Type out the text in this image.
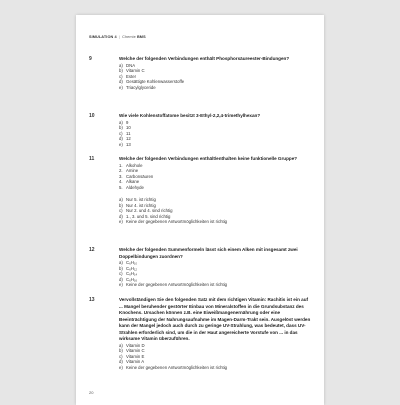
SIMULATION 4 | Chemie BMS
9	Welche der folgenden Verbindungen enthält Phosphorsäureester-Bindungen?

a) DNA
b) Vitamin C
c) Ester
d) Gesättigte Kohlenwasserstoffe
e) Triacylglyceride
10	Wie viele Kohlenstoffatome besitzt 3-Ethyl-2,2,4-trimethylhexan?

a) 9
b) 10
c) 11
d) 12
e) 13
11	Welche der folgenden Verbindungen enthält/enthalten keine funktionelle Gruppe?

1. Alkohole
2. Amine
3. Carbonsäuren
4. Alkane
5. Aldehyde
a) Nur 5. ist richtig
b) Nur 4. ist richtig
c) Nur 2. und 4. sind richtig
d) 1., 3. und 5. sind richtig
e) Keine der gegebenen Antwortmöglichkeiten ist richtig
12	Welche der folgenden Summenformeln lässt sich einem Alken mit insgesamt zwei Doppelbindungen zuordnen?

a) C₆H₁₀
b) C₆H₁₂
c) C₆H₁₄
d) C₆H₁₆
e) Keine der gegebenen Antwortmöglichkeiten ist richtig
13	Vervollständigen Sie den folgenden Satz mit dem richtigen Vitamin: Rachitis ist ein auf ... Mangel beruhender gestörter Einbau von Mineralstoffen in die Grundsubstanz des Knochens. Ursachen können z.B. eine Eiweißmangenernährung oder eine Beeinträchtigung der Nahrungsaufnahme im Magen-Darm-Trakt sein. Ausgelöst werden kann der Mangel jedoch auch durch zu geringe UV-Strahlung, was bedeutet, dass UV-Strahlen erforderlich sind, um die in der Haut angereicherte Vorstufe von ... in das wirksame Vitamin überzuführen.

a) Vitamin D
b) Vitamin C
c) Vitamin E
d) Vitamin A
e) Keine der gegebenen Antwortmöglichkeiten ist richtig
20
